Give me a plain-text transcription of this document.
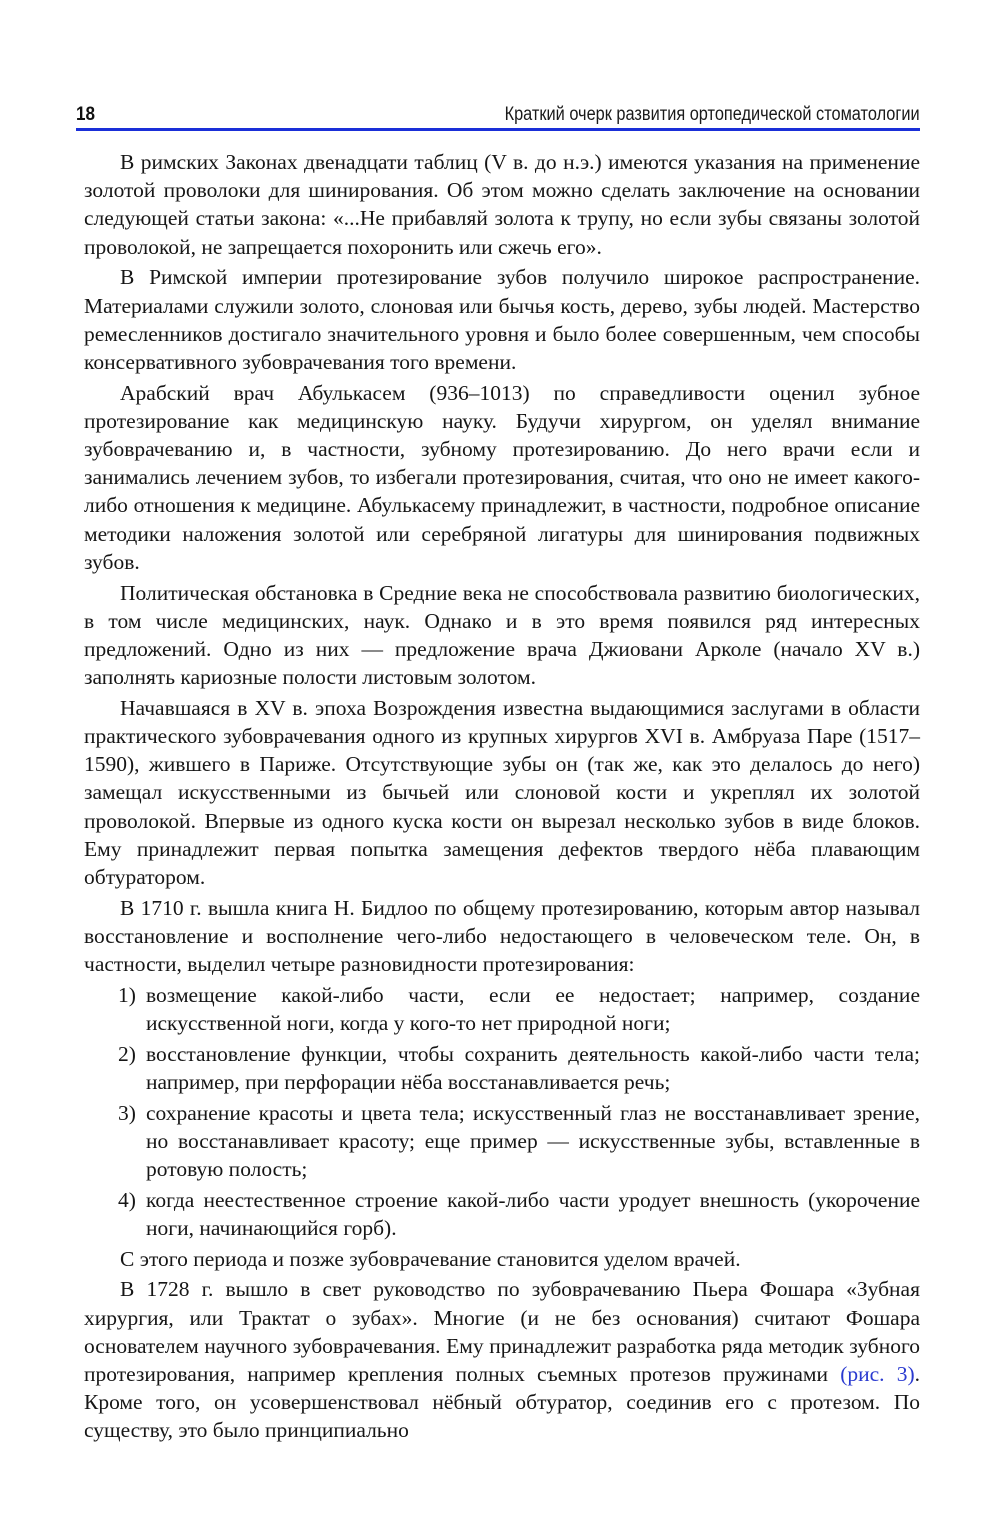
18	Краткий очерк развития ортопедической стоматологии

В римских Законах двенадцати таблиц (V в. до н.э.) имеются указания на применение золотой проволоки для шинирования. Об этом можно сделать заключение на основании следующей статьи закона: «...Не прибавляй золота к трупу, но если зубы связаны золотой проволокой, не запрещается похоронить или сжечь его».

В Римской империи протезирование зубов получило широкое распространение. Материалами служили золото, слоновая или бычья кость, дерево, зубы людей. Мастерство ремесленников достигало значительного уровня и было более совершенным, чем способы консервативного зубоврачевания того времени.

Арабский врач Абулькасем (936–1013) по справедливости оценил зубное протезирование как медицинскую науку. Будучи хирургом, он уделял внимание зубоврачеванию и, в частности, зубному протезированию. До него врачи если и занимались лечением зубов, то избегали протезирования, считая, что оно не имеет какого-либо отношения к медицине. Абулькасему принадлежит, в частности, подробное описание методики наложения золотой или серебряной лигатуры для шинирования подвижных зубов.

Политическая обстановка в Средние века не способствовала развитию биологических, в том числе медицинских, наук. Однако и в это время появился ряд интересных предложений. Одно из них — предложение врача Джиовани Арколе (начало XV в.) заполнять кариозные полости листовым золотом.

Начавшаяся в XV в. эпоха Возрождения известна выдающимися заслугами в области практического зубоврачевания одного из крупных хирургов XVI в. Амбруаза Паре (1517–1590), жившего в Париже. Отсутствующие зубы он (так же, как это делалось до него) замещал искусственными из бычьей или слоновой кости и укреплял их золотой проволокой. Впервые из одного куска кости он вырезал несколько зубов в виде блоков. Ему принадлежит первая попытка замещения дефектов твердого нёба плавающим обтуратором.

В 1710 г. вышла книга Н. Бидлоо по общему протезированию, которым автор называл восстановление и восполнение чего-либо недостающего в человеческом теле. Он, в частности, выделил четыре разновидности протезирования:

1) возмещение какой-либо части, если ее недостает; например, создание искусственной ноги, когда у кого-то нет природной ноги;
2) восстановление функции, чтобы сохранить деятельность какой-либо части тела; например, при перфорации нёба восстанавливается речь;
3) сохранение красоты и цвета тела; искусственный глаз не восстанавливает зрение, но восстанавливает красоту; еще пример — искусственные зубы, вставленные в ротовую полость;
4) когда неестественное строение какой-либо части уродует внешность (укорочение ноги, начинающийся горб).

С этого периода и позже зубоврачевание становится уделом врачей.

В 1728 г. вышло в свет руководство по зубоврачеванию Пьера Фошара «Зубная хирургия, или Трактат о зубах». Многие (и не без основания) считают Фошара основателем научного зубоврачевания. Ему принадлежит разработка ряда методик зубного протезирования, например крепления полных съемных протезов пружинами (рис. 3). Кроме того, он усовершенствовал нёбный обтуратор, соединив его с протезом. По существу, это было принципиально
